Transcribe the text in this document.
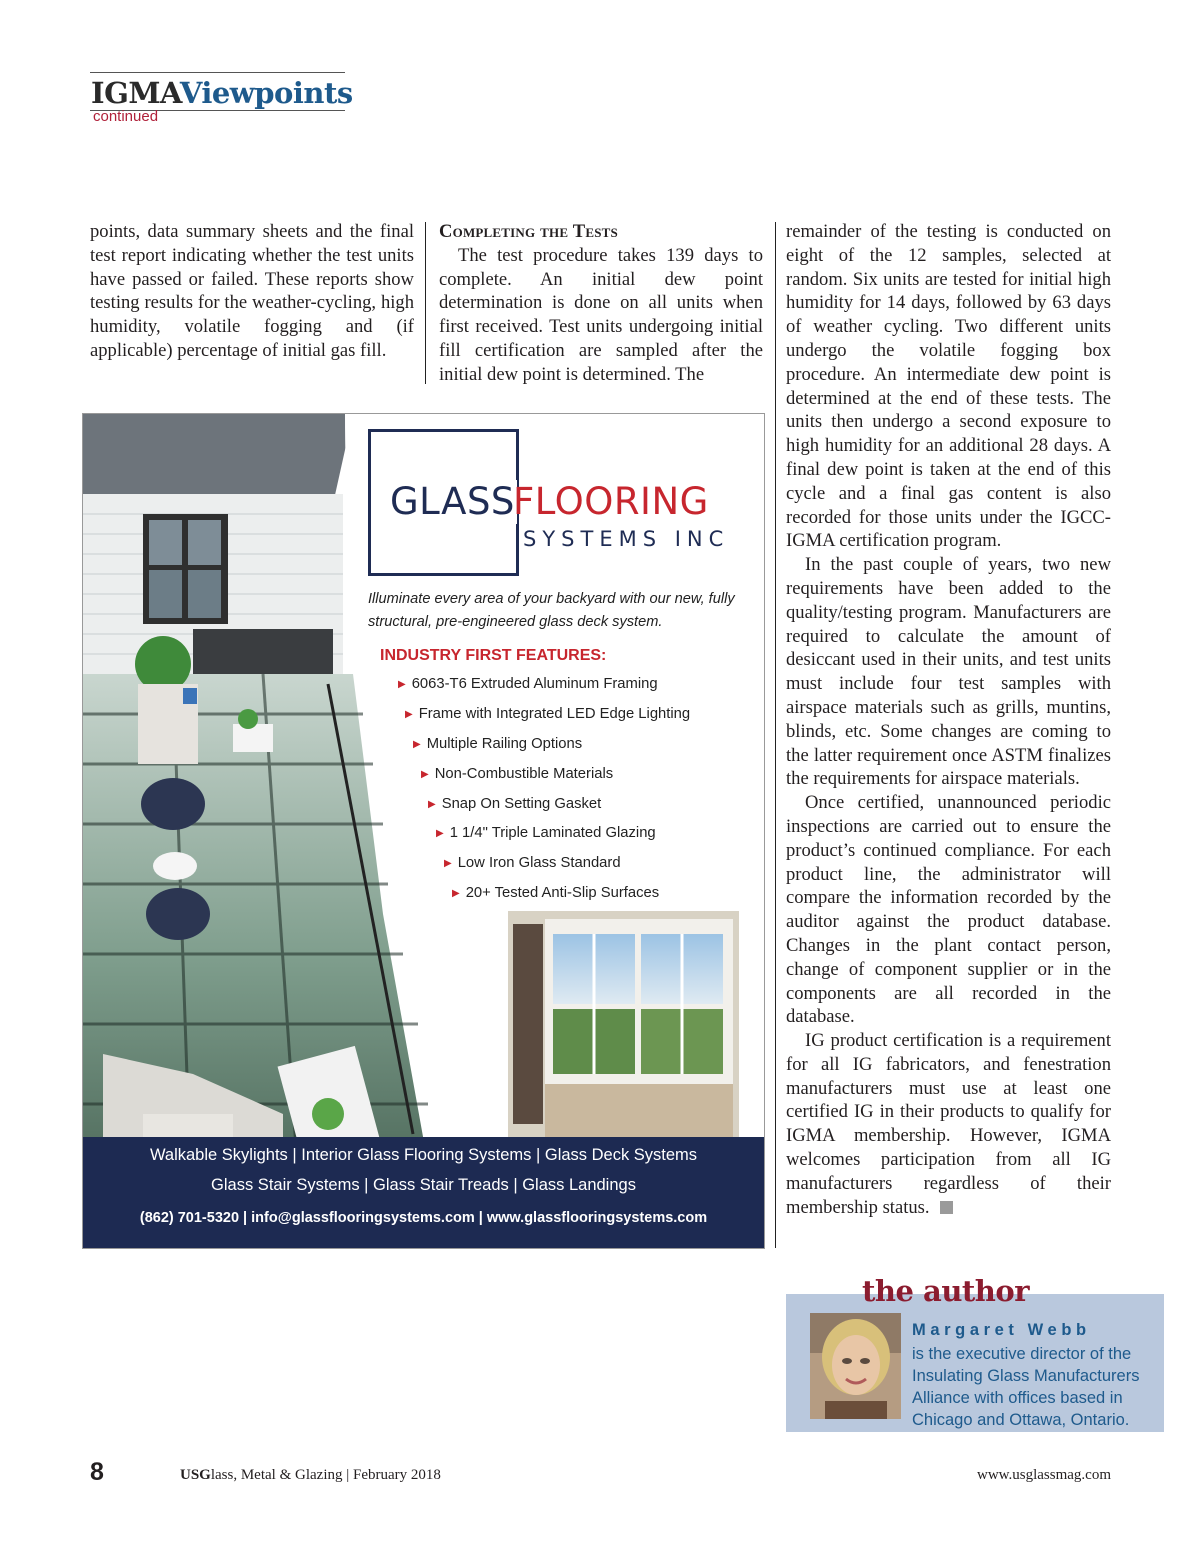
IGMAViewpoints
continued

points, data summary sheets and the final test report indicating whether the test units have passed or failed. These reports show testing results for the weather-cycling, high humidity, volatile fogging and (if applicable) percentage of initial gas fill.

Completing the Tests

The test procedure takes 139 days to complete. An initial dew point determination is done on all units when first received. Test units undergoing initial fill certification are sampled after the initial dew point is determined. The

remainder of the testing is conducted on eight of the 12 samples, selected at random. Six units are tested for initial high humidity for 14 days, followed by 63 days of weather cycling. Two different units undergo the volatile fogging box procedure. An intermediate dew point is determined at the end of these tests. The units then undergo a second exposure to high humidity for an additional 28 days. A final dew point is taken at the end of this cycle and a final gas content is also recorded for those units under the IGCC-IGMA certification program.

In the past couple of years, two new requirements have been added to the quality/testing program. Manufacturers are required to calculate the amount of desiccant used in their units, and test units must include four test samples with airspace materials such as grills, muntins, blinds, etc. Some changes are coming to the latter requirement once ASTM finalizes the requirements for airspace materials.

Once certified, unannounced periodic inspections are carried out to ensure the product’s continued compliance. For each product line, the administrator will compare the information recorded by the auditor against the product database. Changes in the plant contact person, change of component supplier or in the components are all recorded in the database.

IG product certification is a requirement for all IG fabricators, and fenestration manufacturers must use at least one certified IG in their products to qualify for IGMA membership. However, IGMA welcomes participation from all IG manufacturers regardless of their membership status.

GLASS
FLOORING
SYSTEMS INC
Illuminate every area of your backyard with our new, fully structural, pre-engineered glass deck system.
INDUSTRY FIRST FEATURES:
▶ 6063-T6 Extruded Aluminum Framing
▶ Frame with Integrated LED Edge Lighting
▶ Multiple Railing Options
▶ Non-Combustible Materials
▶ Snap On Setting Gasket
▶ 1 1/4" Triple Laminated Glazing
▶ Low Iron Glass Standard
▶ 20+ Tested Anti-Slip Surfaces
Walkable Skylights | Interior Glass Flooring Systems | Glass Deck Systems
Glass Stair Systems | Glass Stair Treads | Glass Landings
(862) 701-5320 | info@glassflooringsystems.com | www.glassflooringsystems.com
the author
Margaret Webb
is the executive director of the Insulating Glass Manufacturers Alliance with offices based in Chicago and Ottawa, Ontario.
8	USGlass, Metal & Glazing | February 2018	www.usglassmag.com
